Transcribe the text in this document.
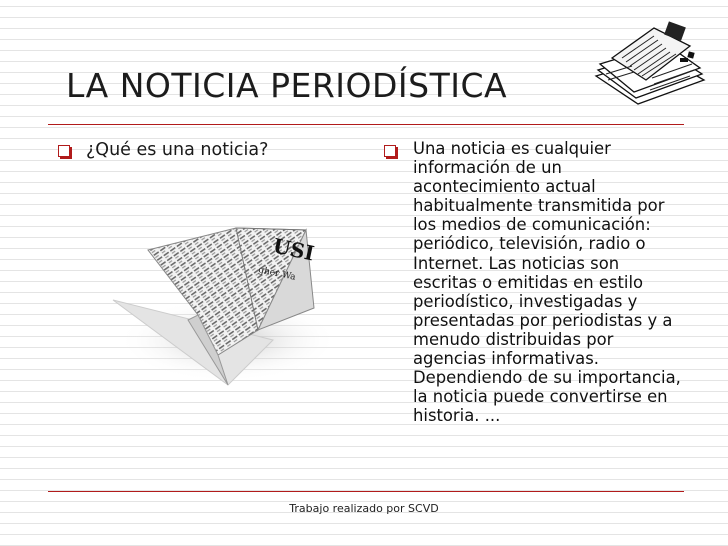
LA NOTICIA PERIODÍSTICA

¿Qué es una noticia?	Una noticia es cualquier información de un acontecimiento actual habitualmente transmitida por los medios de comunicación: periódico, televisión, radio o Internet. Las noticias son escritas o emitidas en estilo periodístico, investigadas y presentadas por periodistas y a menudo distribuidas por agencias informativas. Dependiendo de su importancia, la noticia puede convertirse en historia. ...

USI
gher Wa
Trabajo realizado por SCVD
